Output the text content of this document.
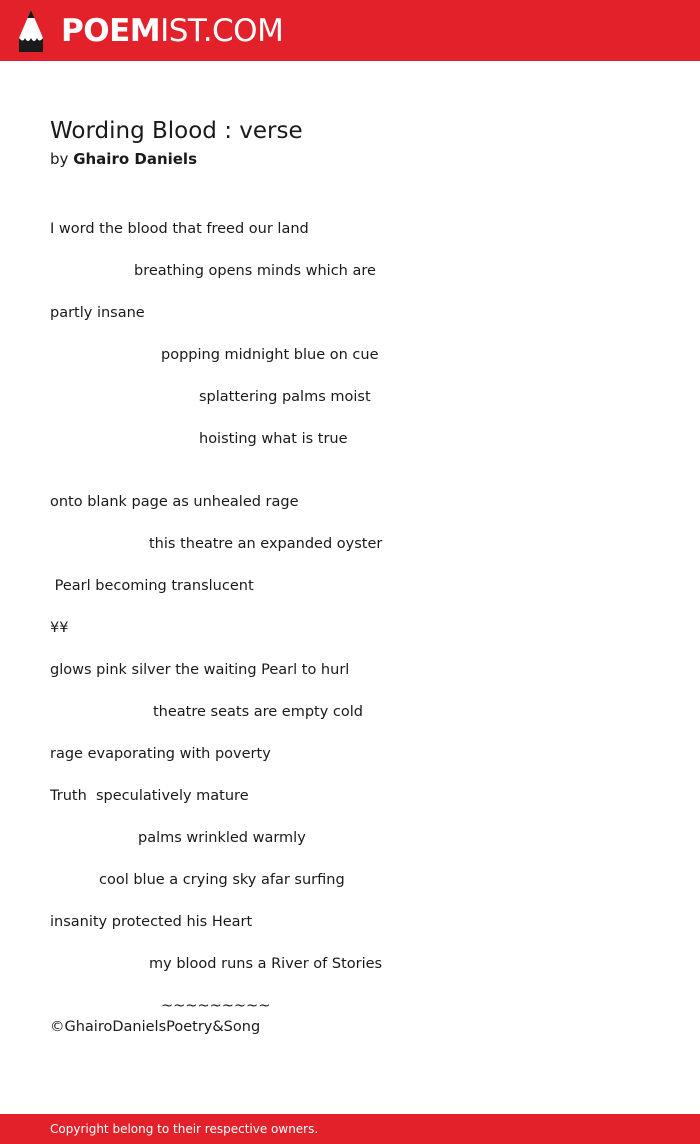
POEMIST.COM
Wording Blood : verse
by Ghairo Daniels
I word the blood that freed our land
breathing opens minds which are
partly insane
popping midnight blue on cue
splattering palms moist
hoisting what is true
onto blank page as unhealed rage
this theatre an expanded oyster
Pearl becoming translucent
¥¥
glows pink silver the waiting Pearl to hurl
theatre seats are empty cold
rage evaporating with poverty
Truth  speculatively mature
palms wrinkled warmly
cool blue a crying sky afar surfing
insanity protected his Heart
my blood runs a River of Stories
~~~~~~~~~
©GhairoDanielsPoetry&Song
Copyright belong to their respective owners.
